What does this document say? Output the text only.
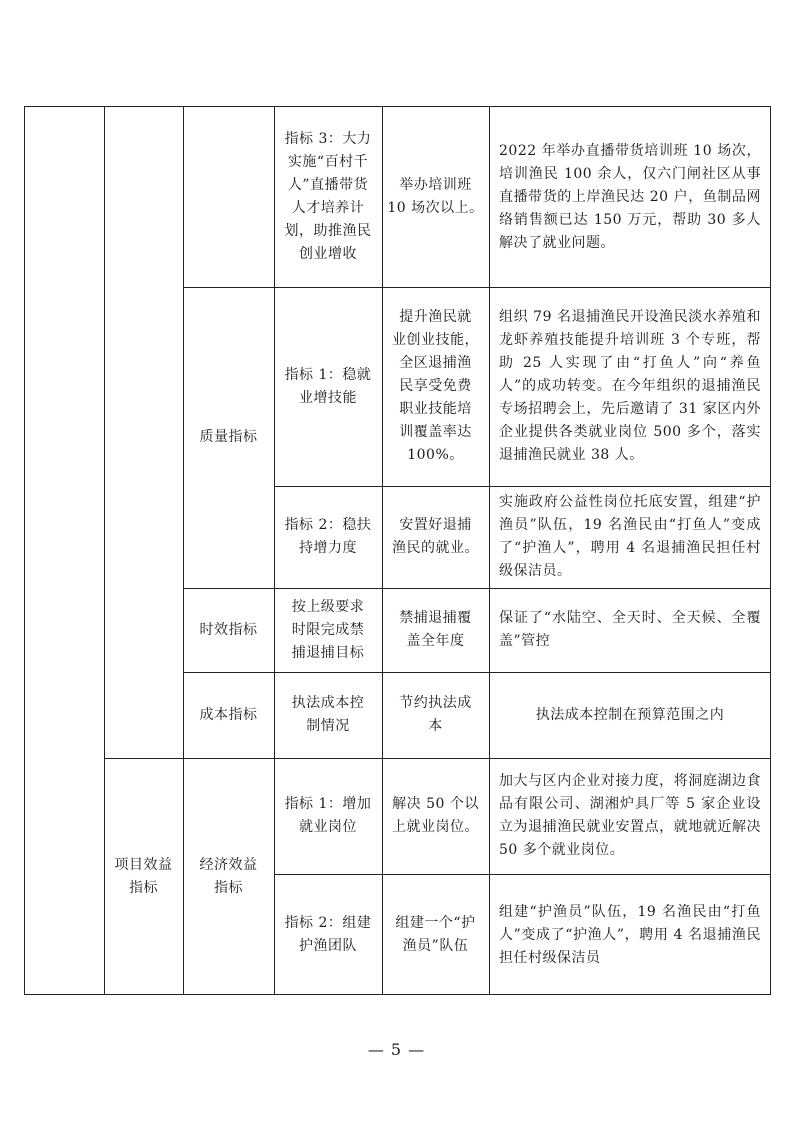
项目效益
指标
质量指标
时效指标
成本指标
经济效益
指标
指标 3：大力
实施“百村千
人”直播带货
人才培养计
划，助推渔民
创业增收
举办培训班
10 场次以上。
2022 年举办直播带货培训班 10 场次，培训渔民 100 余人，仅六门闸社区从事直播带货的上岸渔民达 20 户，鱼制品网络销售额已达 150 万元，帮助 30 多人解决了就业问题。
指标 1：稳就
业增技能
提升渔民就
业创业技能，
全区退捕渔
民享受免费
职业技能培
训覆盖率达
100%。
组织 79 名退捕渔民开设渔民淡水养殖和龙虾养殖技能提升培训班 3 个专班，帮助 25 人实现了由“打鱼人”向“养鱼人”的成功转变。在今年组织的退捕渔民专场招聘会上，先后邀请了 31 家区内外企业提供各类就业岗位 500 多个，落实退捕渔民就业 38 人。
指标 2：稳扶
持增力度
安置好退捕
渔民的就业。
实施政府公益性岗位托底安置，组建“护渔员”队伍，19 名渔民由“打鱼人”变成了“护渔人”，聘用 4 名退捕渔民担任村级保洁员。
按上级要求
时限完成禁
捕退捕目标
禁捕退捕覆
盖全年度
保证了“水陆空、全天时、全天候、全覆盖”管控
执法成本控
制情况
节约执法成
本
执法成本控制在预算范围之内
指标 1：增加
就业岗位
解决 50 个以
上就业岗位。
加大与区内企业对接力度，将洞庭湖边食品有限公司、湖湘炉具厂等 5 家企业设立为退捕渔民就业安置点，就地就近解决 50 多个就业岗位。
指标 2：组建
护渔团队
组建一个“护
渔员”队伍
组建“护渔员”队伍，19 名渔民由“打鱼人”变成了“护渔人”，聘用 4 名退捕渔民担任村级保洁员
— 5 —
